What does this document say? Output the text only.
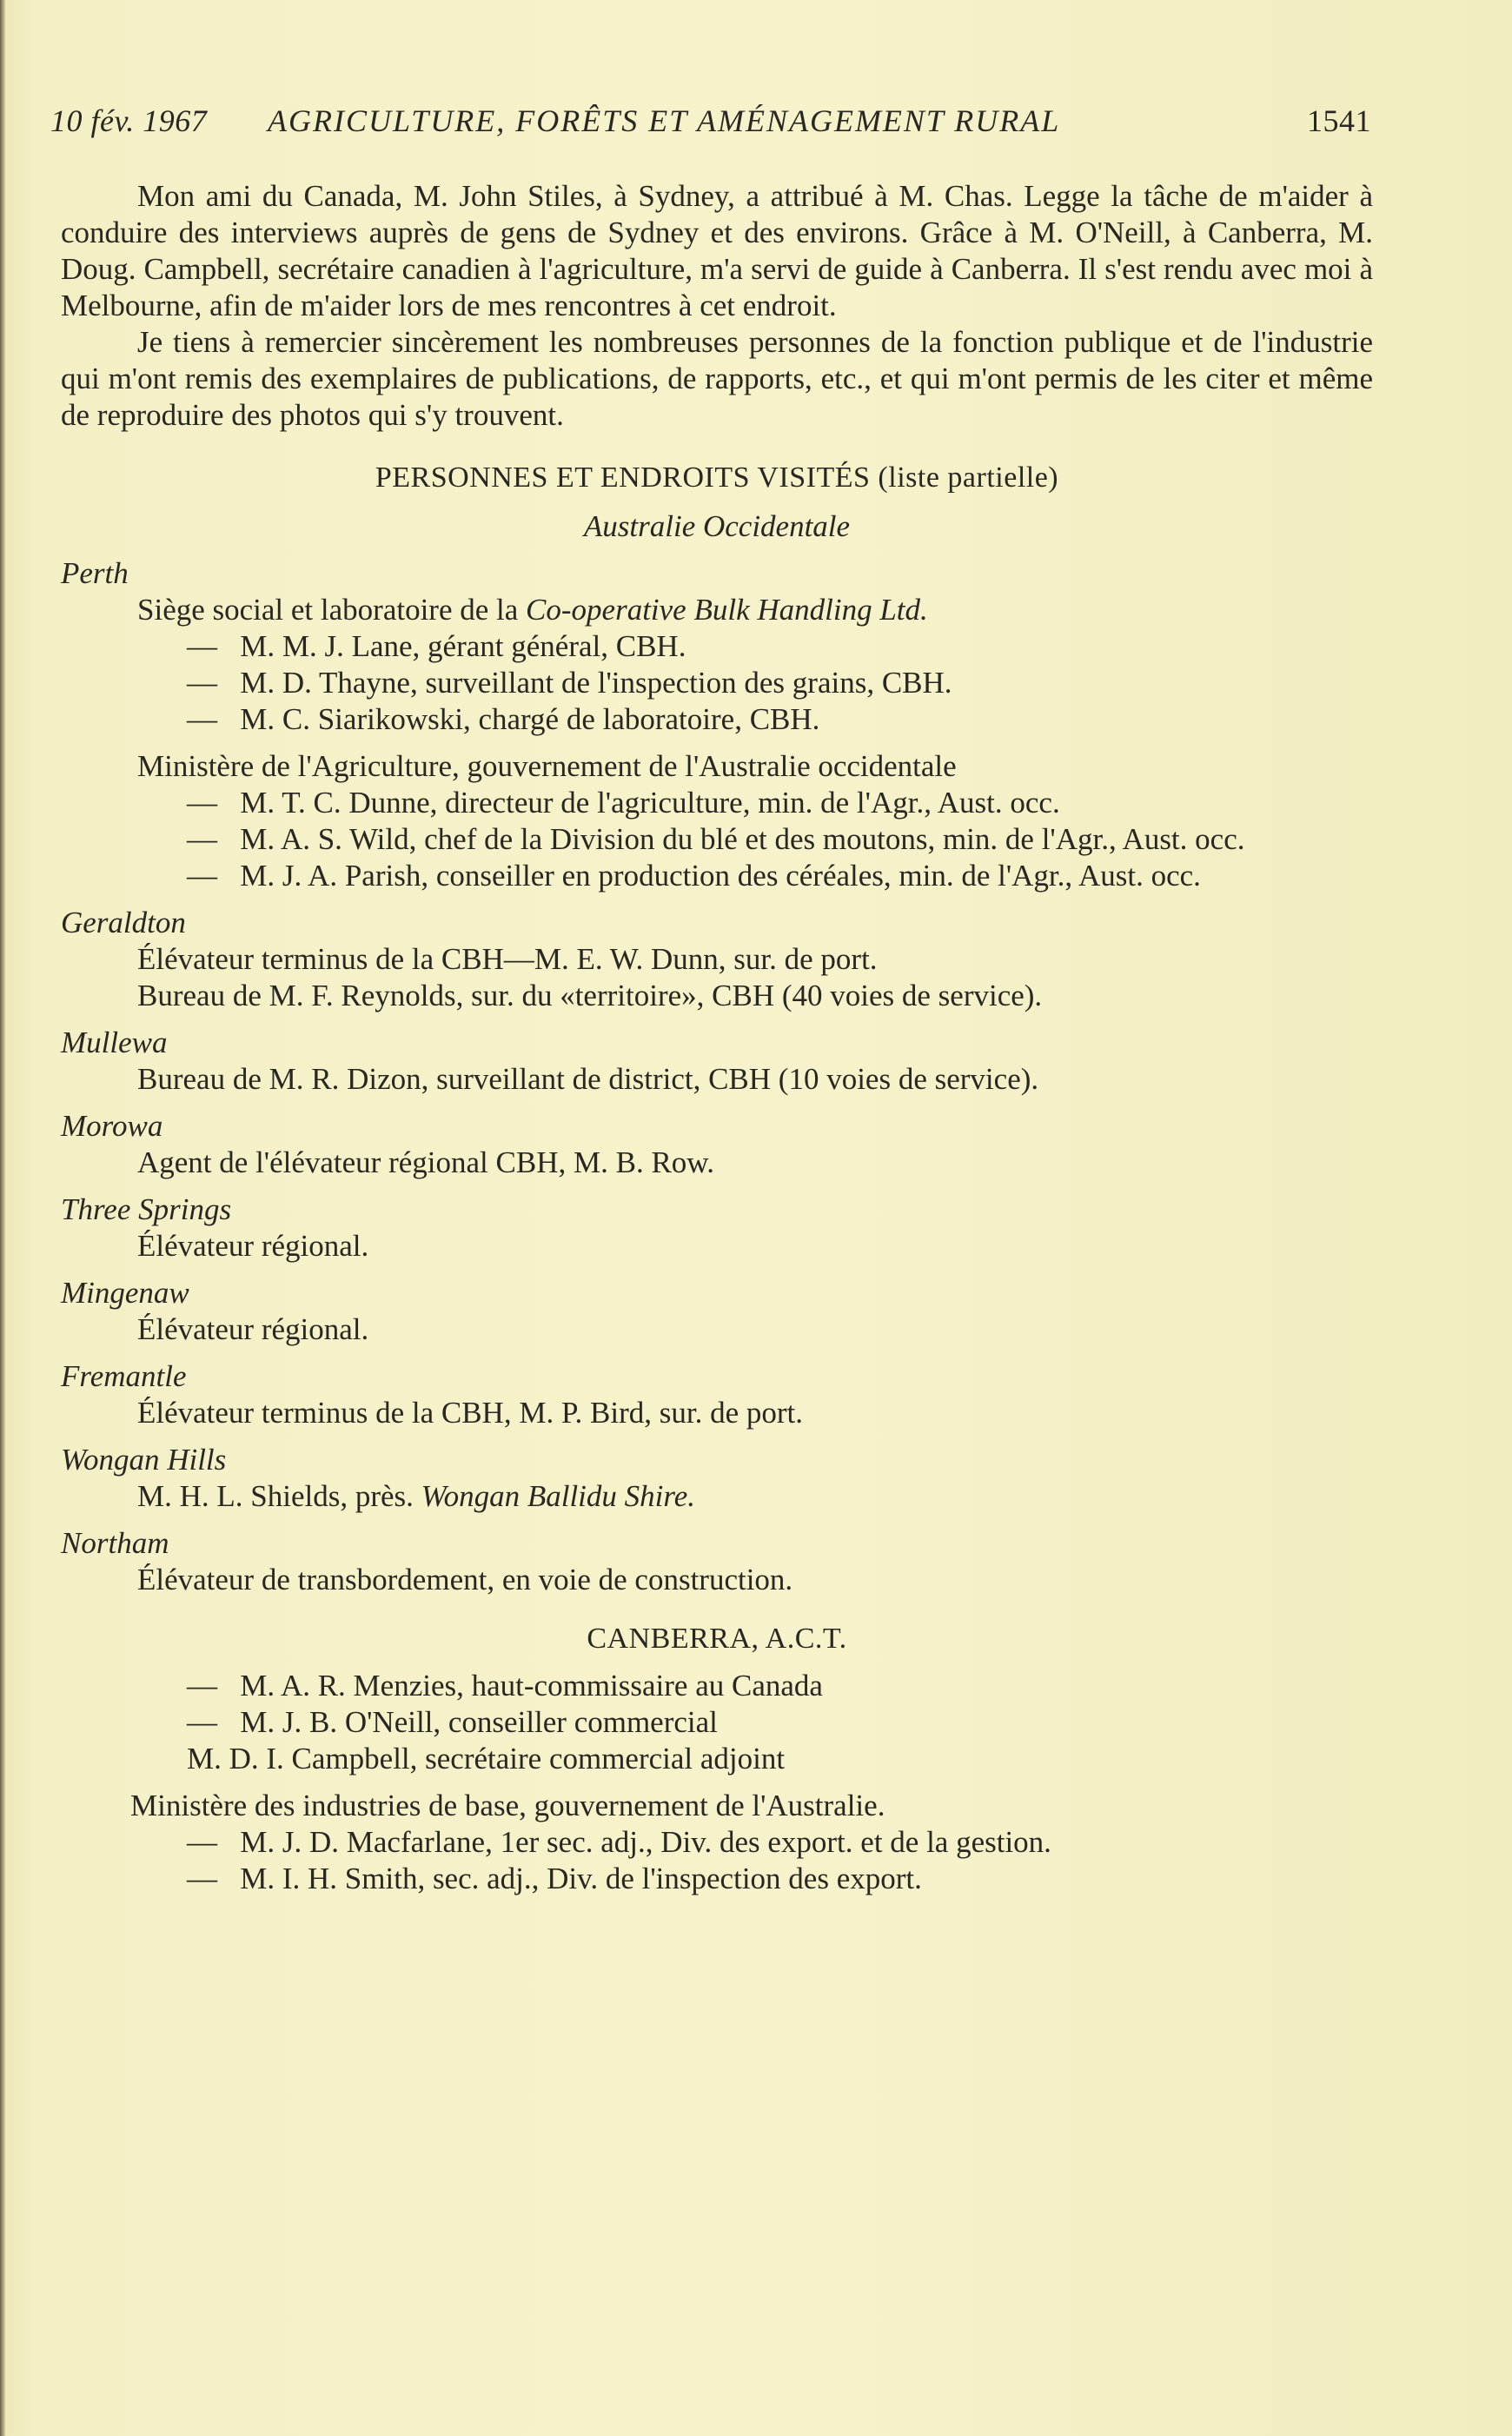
10 fév. 1967 AGRICULTURE, FORÊTS ET AMÉNAGEMENT RURAL	1541

Mon ami du Canada, M. John Stiles, à Sydney, a attribué à M. Chas. Legge la tâche de m'aider à conduire des interviews auprès de gens de Sydney et des environs. Grâce à M. O'Neill, à Canberra, M. Doug. Campbell, secrétaire canadien à l'agriculture, m'a servi de guide à Canberra. Il s'est rendu avec moi à Melbourne, afin de m'aider lors de mes rencontres à cet endroit.

Je tiens à remercier sincèrement les nombreuses personnes de la fonction publique et de l'industrie qui m'ont remis des exemplaires de publications, de rapports, etc., et qui m'ont permis de les citer et même de reproduire des photos qui s'y trouvent.

PERSONNES ET ENDROITS VISITÉS (liste partielle)
Australie Occidentale
Perth
Siège social et laboratoire de la Co-operative Bulk Handling Ltd.
— M. M. J. Lane, gérant général, CBH.
— M. D. Thayne, surveillant de l'inspection des grains, CBH.
— M. C. Siarikowski, chargé de laboratoire, CBH.
Ministère de l'Agriculture, gouvernement de l'Australie occidentale
— M. T. C. Dunne, directeur de l'agriculture, min. de l'Agr., Aust. occ.
— M. A. S. Wild, chef de la Division du blé et des moutons, min. de l'Agr., Aust. occ.
— M. J. A. Parish, conseiller en production des céréales, min. de l'Agr., Aust. occ.
Geraldton
Élévateur terminus de la CBH—M. E. W. Dunn, sur. de port.
Bureau de M. F. Reynolds, sur. du «territoire», CBH (40 voies de service).
Mullewa
Bureau de M. R. Dizon, surveillant de district, CBH (10 voies de service).
Morowa
Agent de l'élévateur régional CBH, M. B. Row.
Three Springs
Élévateur régional.
Mingenaw
Élévateur régional.
Fremantle
Élévateur terminus de la CBH, M. P. Bird, sur. de port.
Wongan Hills
M. H. L. Shields, près. Wongan Ballidu Shire.
Northam
Élévateur de transbordement, en voie de construction.
CANBERRA, A.C.T.
— M. A. R. Menzies, haut-commissaire au Canada
— M. J. B. O'Neill, conseiller commercial
M. D. I. Campbell, secrétaire commercial adjoint
Ministère des industries de base, gouvernement de l'Australie.
— M. J. D. Macfarlane, 1er sec. adj., Div. des export. et de la gestion.
— M. I. H. Smith, sec. adj., Div. de l'inspection des export.
